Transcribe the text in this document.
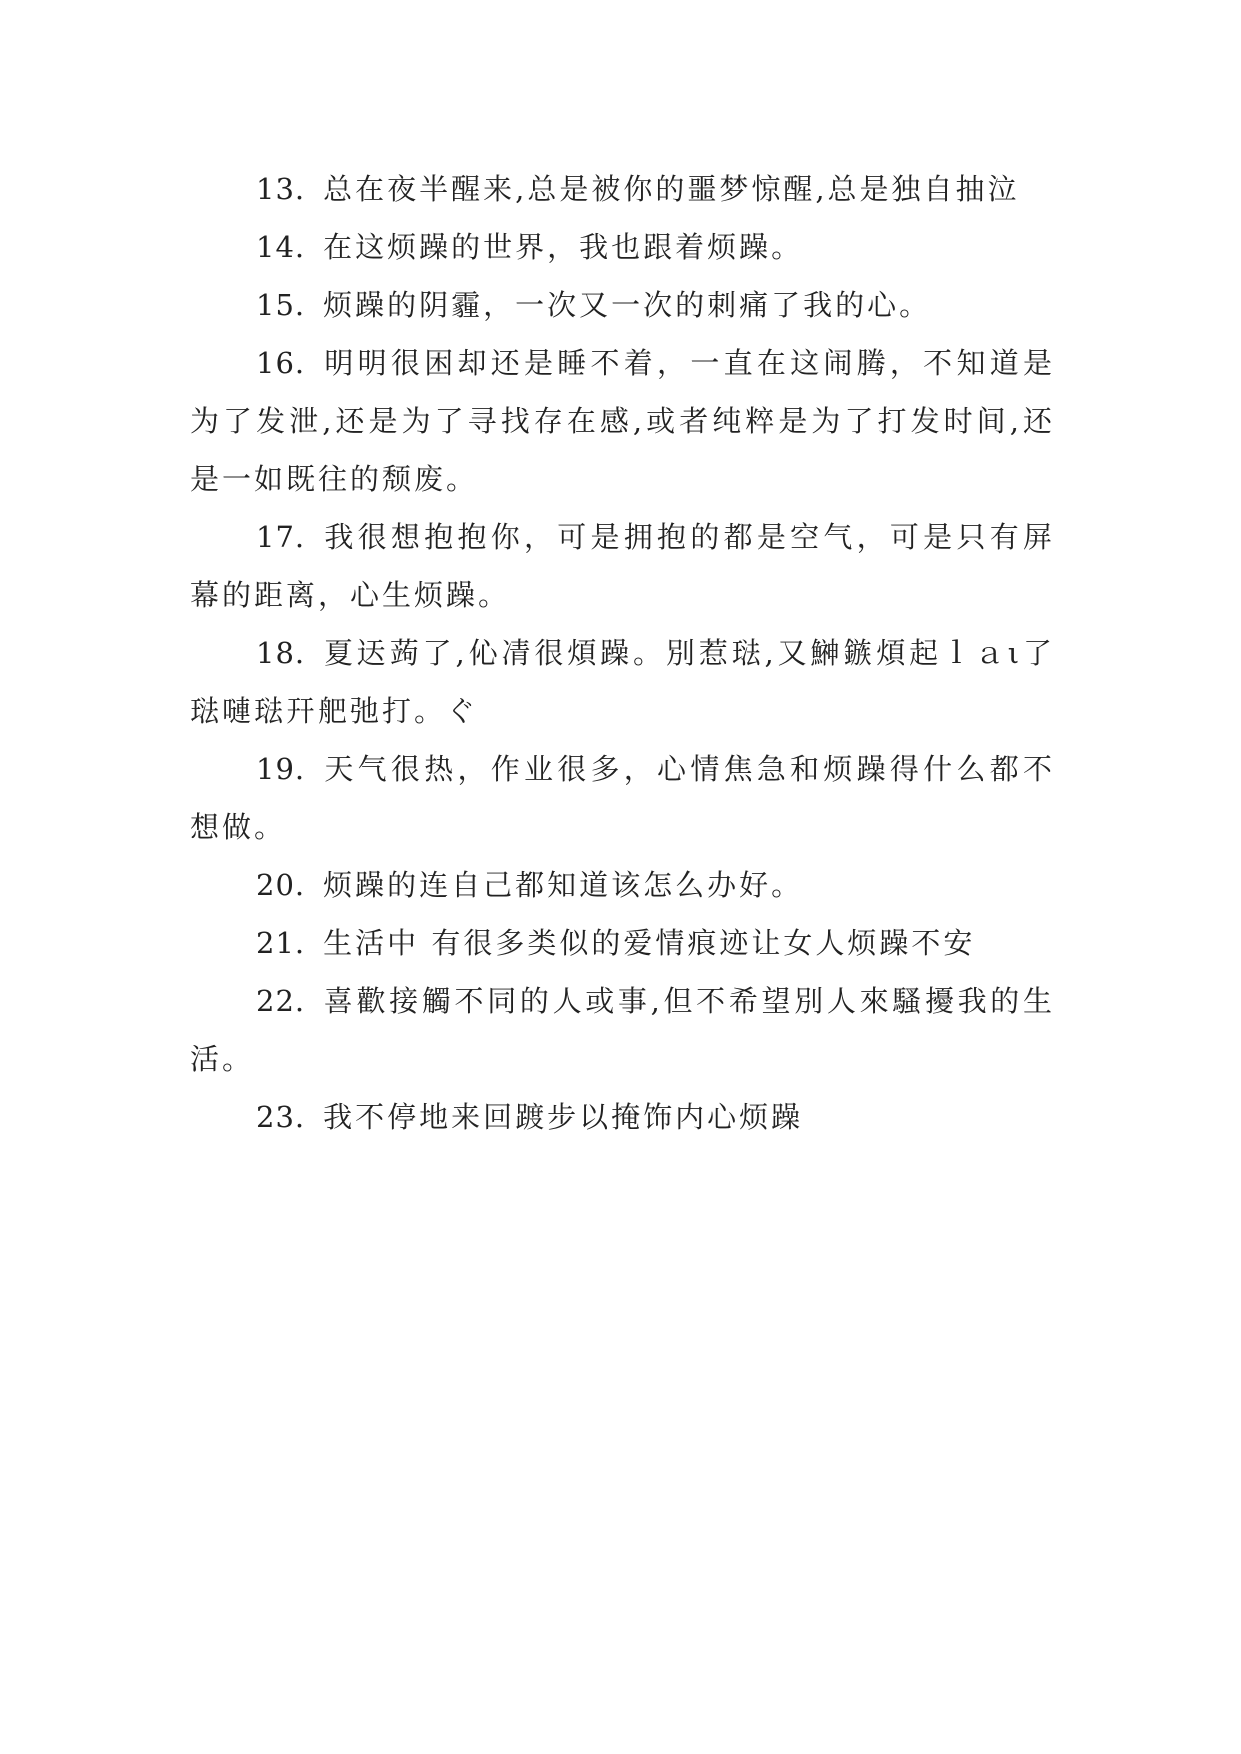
13. 总在夜半醒来,总是被你的噩梦惊醒,总是独自抽泣

14. 在这烦躁的世界，我也跟着烦躁。

15. 烦躁的阴霾，一次又一次的刺痛了我的心。

16. 明明很困却还是睡不着，一直在这闹腾，不知道是为了发泄,还是为了寻找存在感,或者纯粹是为了打发时间,还是一如既往的颓废。

17. 我很想抱抱你，可是拥抱的都是空气，可是只有屏幕的距离，心生烦躁。

18. 夏迗蒟了,伈凊很煩躁。別惹琺,又鰰鏃煩起ｌａι了琺嗹琺幵舥弛打。ぐ

19. 天气很热，作业很多，心情焦急和烦躁得什么都不想做。

20. 烦躁的连自己都知道该怎么办好。

21. 生活中 有很多类似的爱情痕迹让女人烦躁不安

22. 喜歡接觸不同的人或事,但不希望別人來騷擾我的生活。

23. 我不停地来回踱步以掩饰内心烦躁
